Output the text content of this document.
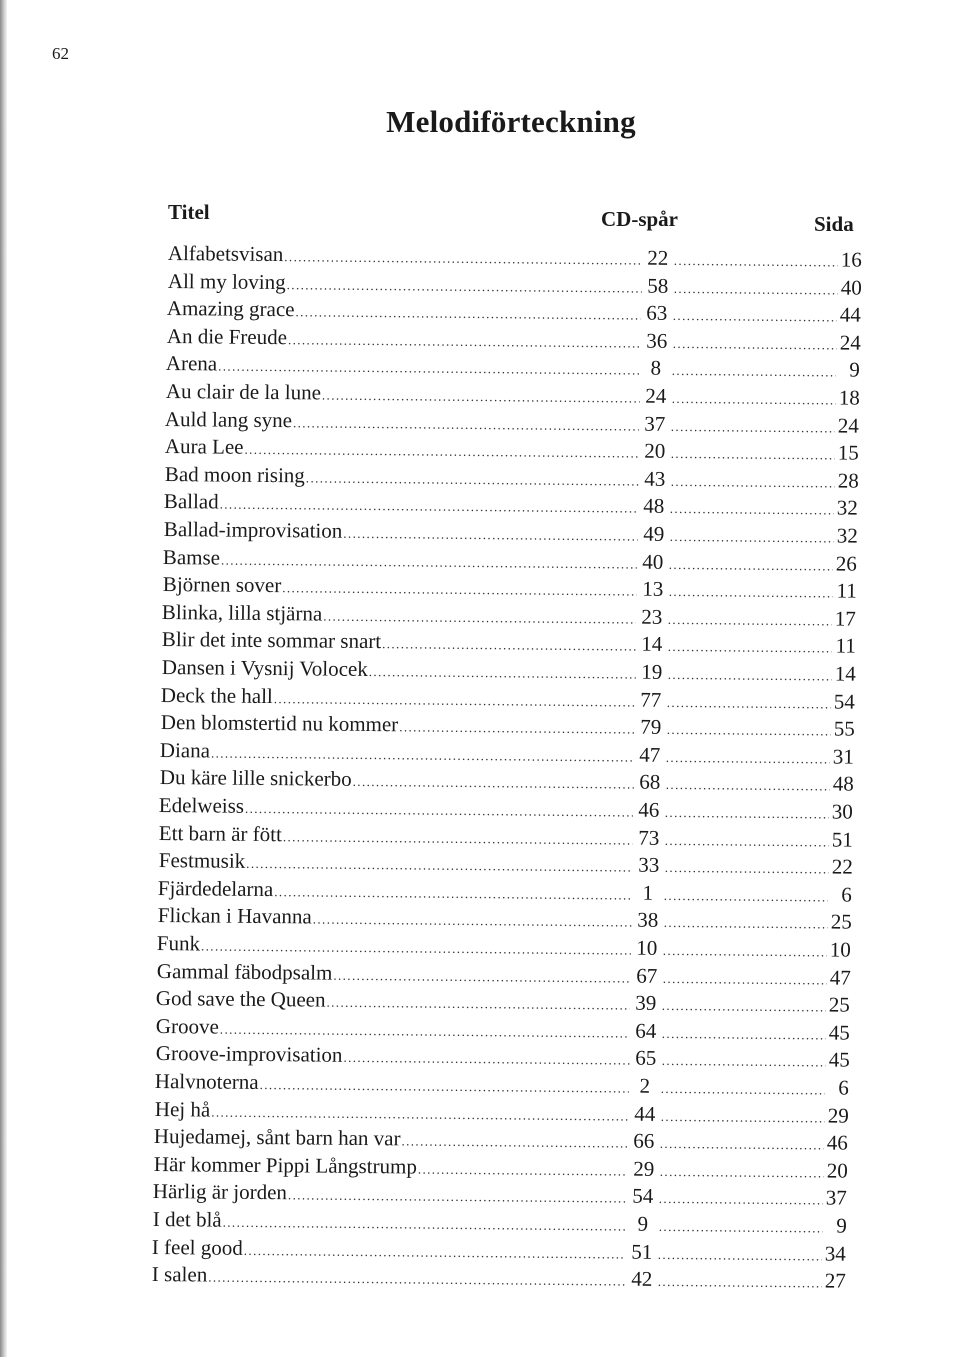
62
Melodiförteckning
Titel	CD-spår	Sida
Alfabetsvisan .....	22 .....	16
All my loving .....	58 .....	40
Amazing grace .....	63 .....	44
An die Freude .....	36 .....	24
Arena .....	8 .....	9
Au clair de la lune .....	24 .....	18
Auld lang syne .....	37 .....	24
Aura Lee .....	20 .....	15
Bad moon rising .....	43 .....	28
Ballad .....	48 .....	32
Ballad-improvisation .....	49 .....	32
Bamse .....	40 .....	26
Björnen sover .....	13 .....	11
Blinka, lilla stjärna .....	23 .....	17
Blir det inte sommar snart .....	14 .....	11
Dansen i Vysnij Volocek .....	19 .....	14
Deck the hall .....	77 .....	54
Den blomstertid nu kommer .....	79 .....	55
Diana .....	47 .....	31
Du käre lille snickerbo .....	68 .....	48
Edelweiss .....	46 .....	30
Ett barn är fött .....	73 .....	51
Festmusik .....	33 .....	22
Fjärdedelarna .....	1 .....	6
Flickan i Havanna .....	38 .....	25
Funk .....	10 .....	10
Gammal fäbodpsalm .....	67 .....	47
God save the Queen .....	39 .....	25
Groove .....	64 .....	45
Groove-improvisation .....	65 .....	45
Halvnoterna .....	2 .....	6
Hej hå .....	44 .....	29
Hujedamej, sånt barn han var .....	66 .....	46
Här kommer Pippi Långstrump .....	29 .....	20
Härlig är jorden .....	54 .....	37
I det blå .....	9 .....	9
I feel good .....	51 .....	34
I salen .....	42 .....	27
